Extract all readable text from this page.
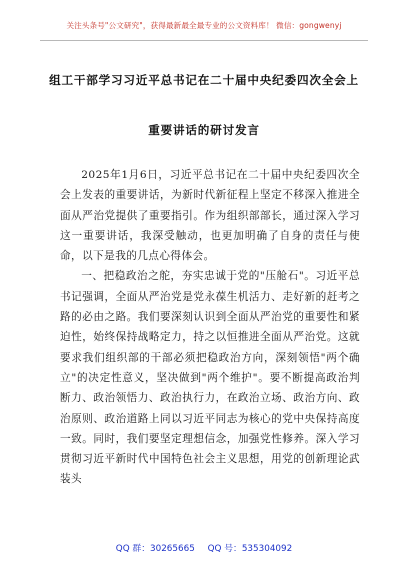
关注头条号"公文研究"，获得最新最全最专业的公文资料库！ 微信：gongwenyj
组工干部学习习近平总书记在二十届中央纪委四次全会上
重要讲话的研讨发言

2025年1月6日，习近平总书记在二十届中央纪委四次全会上发表的重要讲话，为新时代新征程上坚定不移深入推进全面从严治党提供了重要指引。作为组织部部长，通过深入学习这一重要讲话，我深受触动，也更加明确了自身的责任与使命，以下是我的几点心得体会。

一、把稳政治之舵，夯实忠诚于党的"压舱石"。习近平总书记强调，全面从严治党是党永葆生机活力、走好新的赶考之路的必由之路。我们要深刻认识到全面从严治党的重要性和紧迫性，始终保持战略定力，持之以恒推进全面从严治党。这就要求我们组织部的干部必须把稳政治方向，深刻领悟"两个确立"的决定性意义，坚决做到"两个维护"。要不断提高政治判断力、政治领悟力、政治执行力，在政治立场、政治方向、政治原则、政治道路上同以习近平同志为核心的党中央保持高度一致。同时，我们要坚定理想信念，加强党性修养。深入学习贯彻习近平新时代中国特色社会主义思想，用党的创新理论武装头

QQ 群：30265665 QQ 号：535304092
